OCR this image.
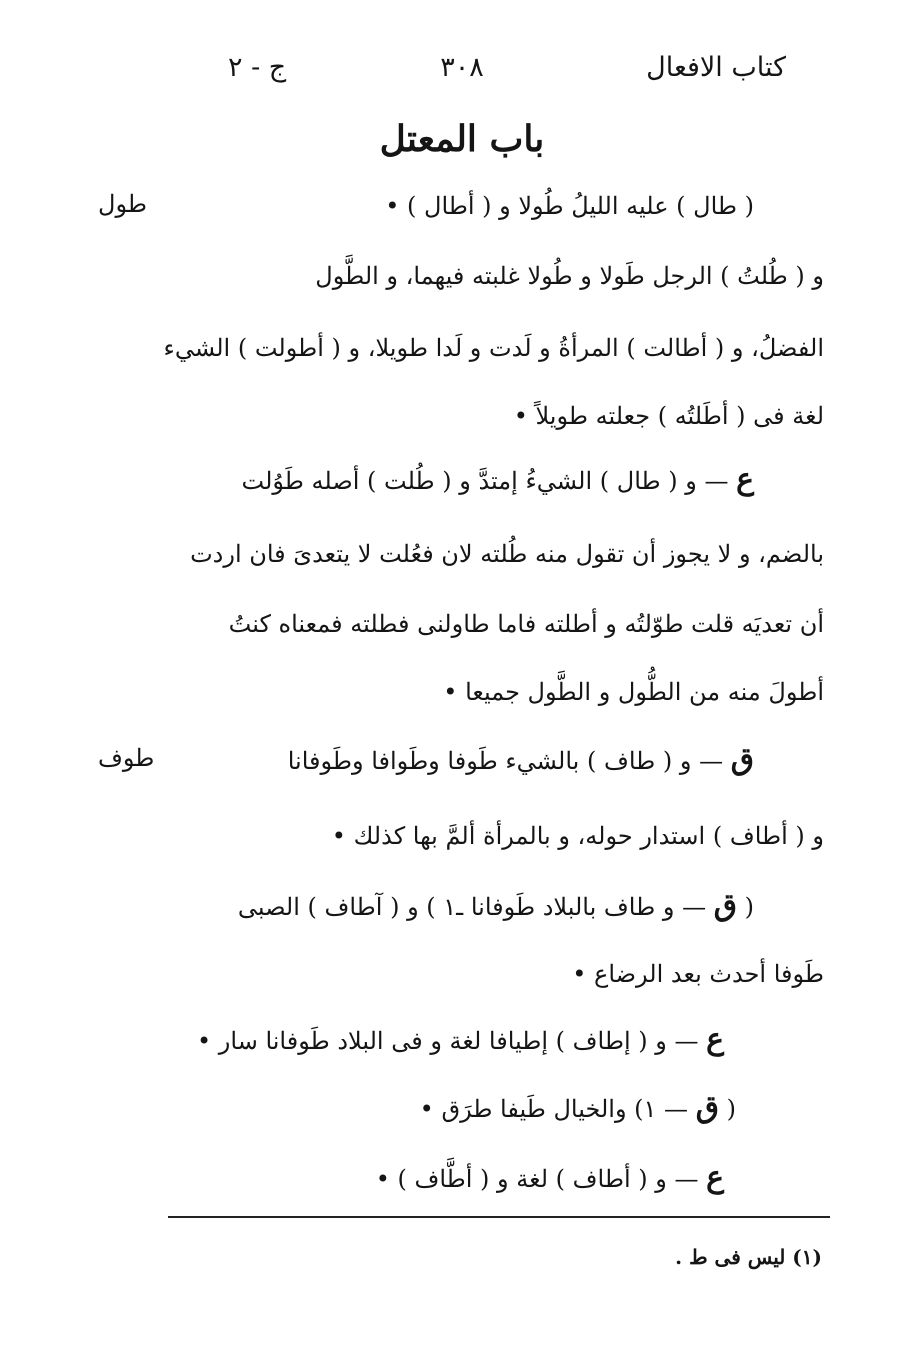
كتاب الافعال
٣٠٨
ج - ٢
باب المعتل
طول
طوف
( طال ) عليه الليلُ طُولا و ( أطال ) •
و ( طُلتُ ) الرجل طَولا و طُولا غلبته فيهما، و الطَّول
الفضلُ، و ( أطالت ) المرأةُ و لَدت و لَدا طويلا، و ( أطولت ) الشيء
لغة فى ( أطَلتُه ) جعلته طويلاً •
ع — و ( طال ) الشيءُ إمتدَّ و ( طُلت ) أصله طَوُلت
بالضم، و لا يجوز أن تقول منه طُلته لان فعُلت لا يتعدىَ فان اردت
أن تعديَه قلت طوّلتُه و أطلته فاما طاولنى فطلته فمعناه كنتُ
أطولَ منه من الطُّول و الطَّول جميعا •
ق — و ( طاف ) بالشيء طَوفا وطَوافا وطَوفانا
و ( أطاف ) استدار حوله، و بالمرأة ألمَّ بها كذلك •
( ق — و طاف بالبلاد طَوفانا ـ١ ) و ( آطاف ) الصبى
طَوفا أحدث بعد الرضاع •
ع — و ( إطاف ) إطيافا لغة و فى البلاد طَوفانا سار •
( ق — ١) والخيال طَيفا طرَق •
ع — و ( أطاف ) لغة و ( أطَّاف ) •
(١) ليس فى ط .
